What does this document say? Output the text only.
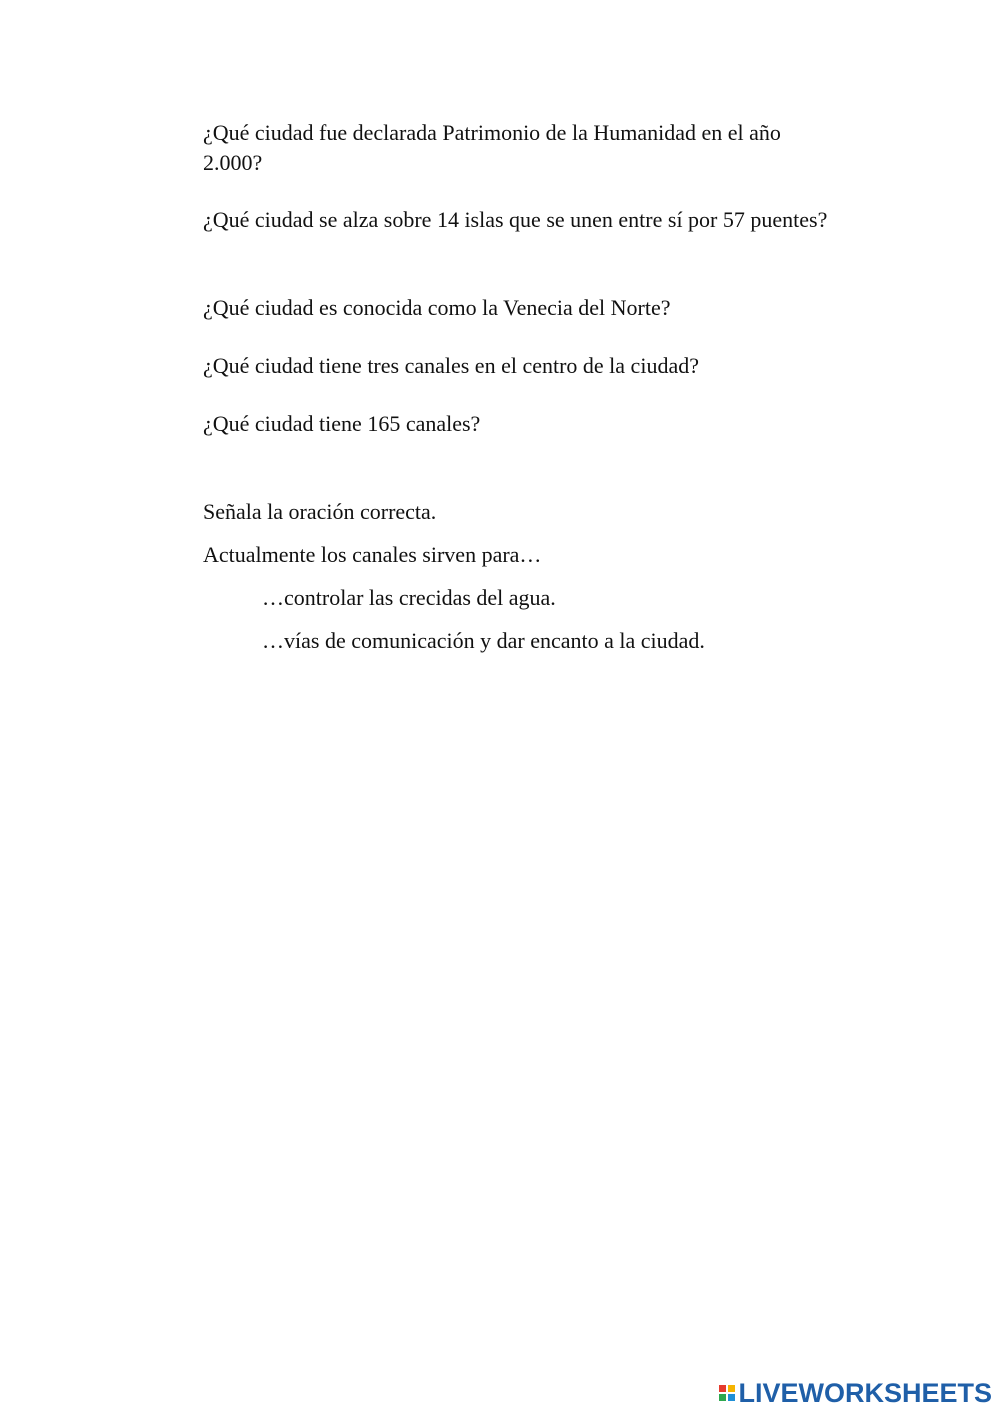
¿Qué ciudad fue declarada Patrimonio de la Humanidad en el año 2.000?

¿Qué ciudad se alza sobre 14 islas que se unen entre sí por 57 puentes?

¿Qué ciudad es conocida como la Venecia del Norte?

¿Qué ciudad tiene tres canales en el centro de la ciudad?

¿Qué ciudad tiene 165 canales?

Señala la oración correcta.

Actualmente los canales sirven para…

…controlar las crecidas del agua.

…vías de comunicación y dar encanto a la ciudad.

LIVEWORKSHEETS
